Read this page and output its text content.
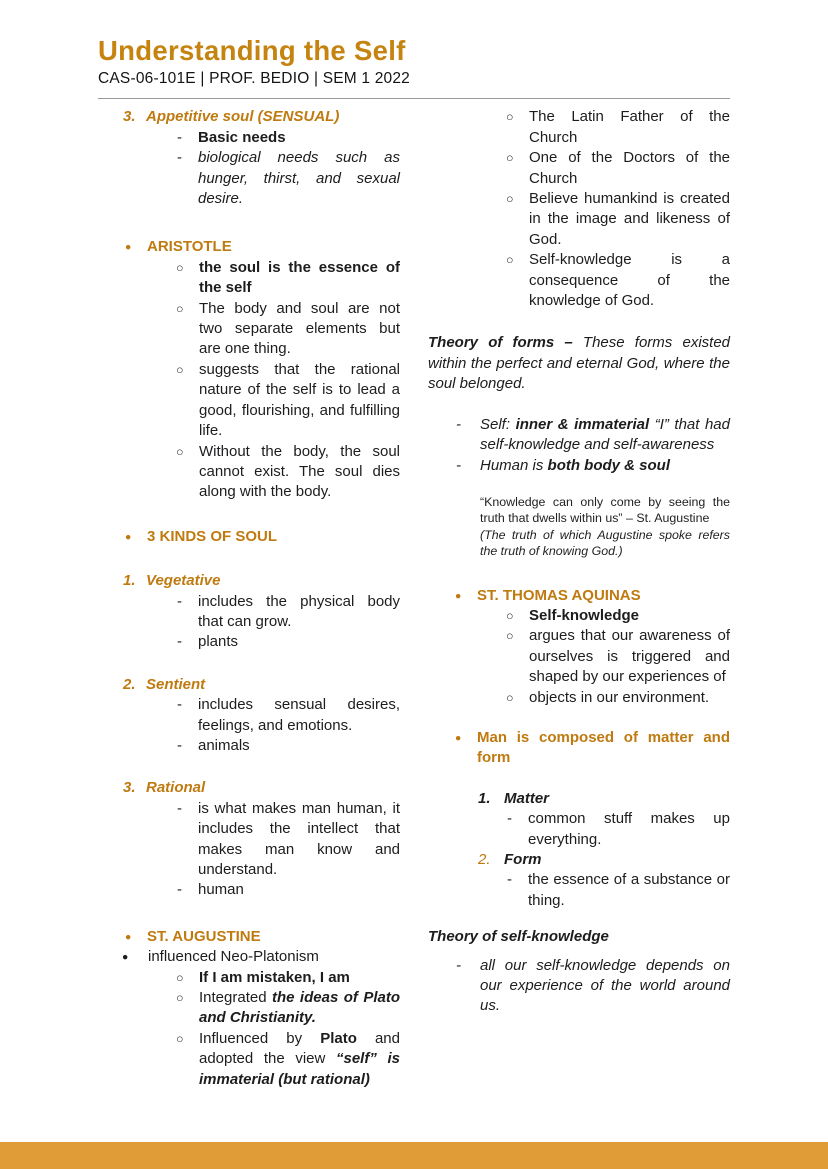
Understanding the Self
CAS-06-101E | PROF. BEDIO | SEM 1 2022
3. Appetitive soul (SENSUAL)
-	Basic needs
-	biological needs such as hunger, thirst, and sexual desire.
●	ARISTOTLE
○	the soul is the essence of the self
○	The body and soul are not two separate elements but are one thing.
○	suggests that the rational nature of the self is to lead a good, flourishing, and fulfilling life.
○	Without the body, the soul cannot exist. The soul dies along with the body.
●	3 KINDS OF SOUL
1. Vegetative
-	includes the physical body that can grow.
-	plants
2. Sentient
-	includes sensual desires, feelings, and emotions.
-	animals
3. Rational
-	is what makes man human, it includes the intellect that makes man know and understand.
-	human
●	ST. AUGUSTINE
●	influenced Neo-Platonism
○	If I am mistaken, I am
○	Integrated the ideas of Plato and Christianity.
○	Influenced by Plato and adopted the view “self” is immaterial (but rational)
○	The Latin Father of the Church
○	One of the Doctors of the Church
○	Believe humankind is created in the image and likeness of God.
○	Self-knowledge is a consequence of the knowledge of God.
Theory of forms – These forms existed within the perfect and eternal God, where the soul belonged.
-	Self: inner & immaterial “I” that had self-knowledge and self-awareness
-	Human is both body & soul
“Knowledge can only come by seeing the truth that dwells within us” – St. Augustine
(The truth of which Augustine spoke refers the truth of knowing God.)
●	ST. THOMAS AQUINAS
○	Self-knowledge
○	argues that our awareness of ourselves is triggered and shaped by our experiences of
○	objects in our environment.
●	Man is composed of matter and form
1. Matter
-	common stuff makes up everything.
2. Form
-	the essence of a substance or thing.
Theory of self-knowledge
-	all our self-knowledge depends on our experience of the world around us.
